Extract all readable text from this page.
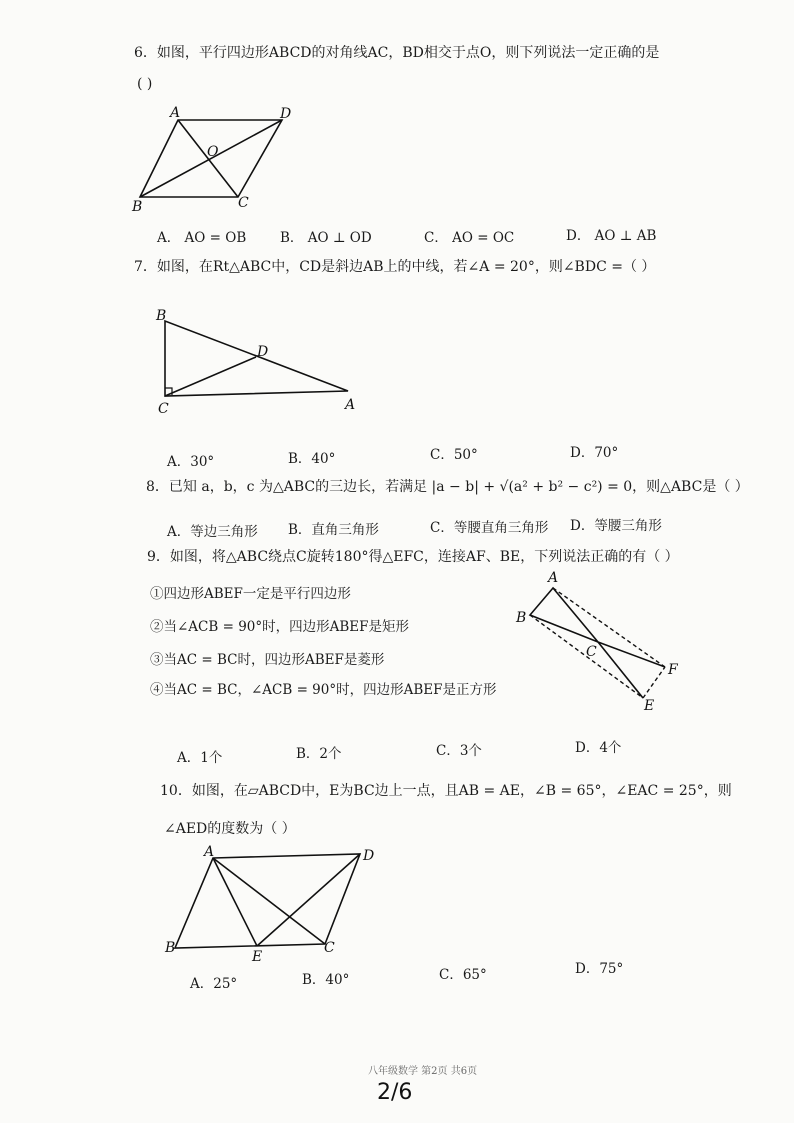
6．如图，平行四边形ABCD的对角线AC，BD相交于点O，则下列说法一定正确的是
( )
A	D
O
B	C
A． AO = OB	B． AO ⊥ OD	C． AO = OC	D． AO ⊥ AB
7．如图，在Rt△ABC中，CD是斜边AB上的中线，若∠A = 20°，则∠BDC =（ ）
B
D
C	A
A．30°	B．40°	C．50°	D．70°
8．已知 a，b，c 为△ABC的三边长，若满足 |a − b| + √(a² + b² − c²) = 0，则△ABC是（ ）
A．等边三角形 B．直角三角形	C．等腰直角三角形 D．等腰三角形
9．如图，将△ABC绕点C旋转180°得△EFC，连接AF、BE，下列说法正确的有（ ）
①四边形ABEF一定是平行四边形
②当∠ACB = 90°时，四边形ABEF是矩形
③当AC = BC时，四边形ABEF是菱形
④当AC = BC，∠ACB = 90°时，四边形ABEF是正方形
A
B
C
F
E
A．1个	B．2个	C．3个	D．4个
10．如图，在▱ABCD中，E为BC边上一点，且AB = AE，∠B = 65°，∠EAC = 25°，则
∠AED的度数为（ ）
A	D
B
E
C
A．25°	B．40°	C．65°	D．75°
八年级数学 第2页 共6页
2/6
